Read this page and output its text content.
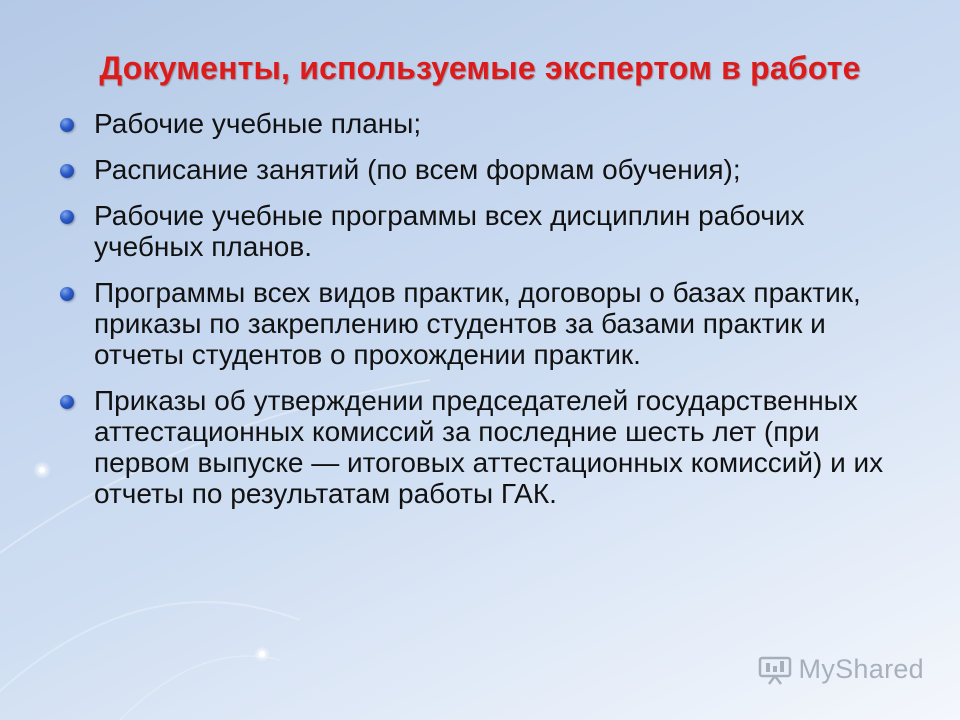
Документы, используемые экспертом в работе
Рабочие учебные планы;
Расписание занятий (по всем формам обучения);
Рабочие учебные программы всех дисциплин рабочих учебных планов.
Программы всех видов практик, договоры о базах практик, приказы по закреплению студентов за базами практик и отчеты студентов о прохождении практик.
Приказы об утверждении председателей государственных аттестационных комиссий за последние шесть лет (при первом выпуске — итоговых аттестационных комиссий) и их отчеты по результатам работы ГАК.
MyShared
